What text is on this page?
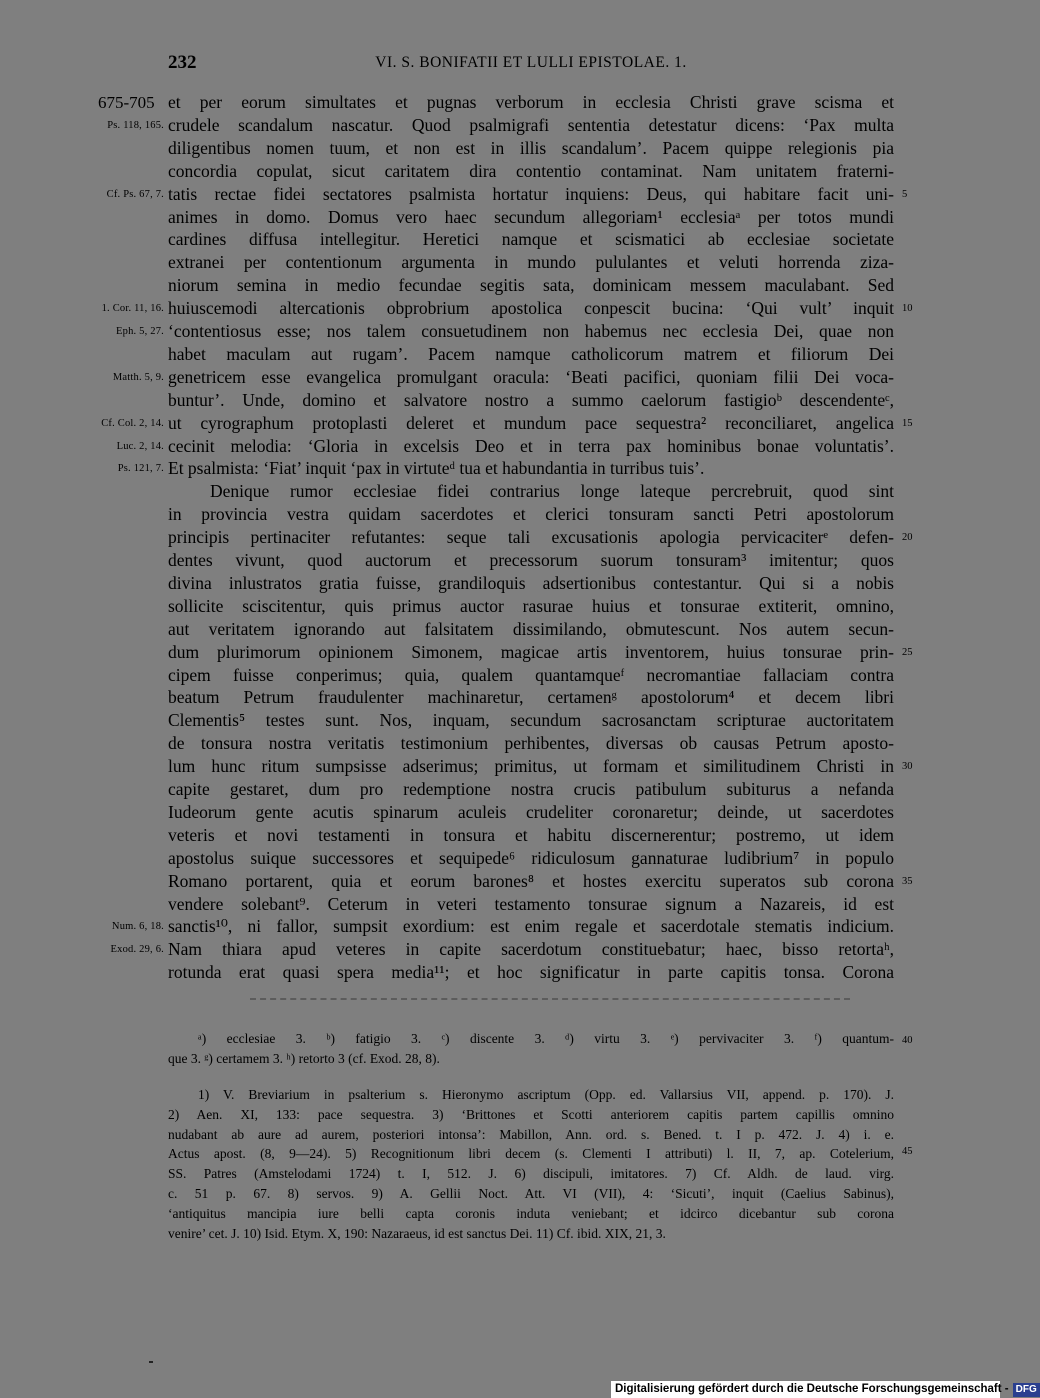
232	VI. S. BONIFATII ET LULLI EPISTOLAE. 1.
675-705 et per eorum simultates et pugnas verborum in ecclesia Christi grave scisma et
crudele scandalum nascatur. Quod psalmigrafi sententia detestatur dicens: ‘Pax multa
diligentibus nomen tuum, et non est in illis scandalum’. Pacem quippe relegionis pia
concordia copulat, sicut caritatem dira contentio contaminat. Nam unitatem fraterni-
tatis rectae fidei sectatores psalmista hortatur inquiens: Deus, qui habitare facit uni-
animes in domo. Domus vero haec secundum allegoriam¹ ecclesiaᵃ per totos mundi
cardines diffusa intellegitur. Heretici namque et scismatici ab ecclesiae societate
extranei per contentionum argumenta in mundo pululantes et veluti horrenda ziza-
niorum semina in medio fecundae segitis sata, dominicam messem maculabant. Sed
huiuscemodi altercationis obprobrium apostolica conpescit bucina: ‘Qui vult’ inquit
‘contentiosus esse; nos talem consuetudinem non habemus nec ecclesia Dei, quae non
habet maculam aut rugam’. Pacem namque catholicorum matrem et filiorum Dei
genetricem esse evangelica promulgant oracula: ‘Beati pacifici, quoniam filii Dei voca-
buntur’. Unde, domino et salvatore nostro a summo caelorum fastigioᵇ descendenteᶜ,
ut cyrographum protoplasti deleret et mundum pace sequestra² reconciliaret, angelica
cecinit melodia: ‘Gloria in excelsis Deo et in terra pax hominibus bonae voluntatis’.
Et psalmista: ‘Fiat’ inquit ‘pax in virtuteᵈ tua et habundantia in turribus tuis’.
Denique rumor ecclesiae fidei contrarius longe lateque percrebruit, quod sint
in provincia vestra quidam sacerdotes et clerici tonsuram sancti Petri apostolorum
principis pertinaciter refutantes: seque tali excusationis apologia pervicaciterᵉ defen-
dentes vivunt, quod auctorum et precessorum suorum tonsuram³ imitentur; quos
divina inlustratos gratia fuisse, grandiloquis adsertionibus contestantur. Qui si a nobis
sollicite sciscitentur, quis primus auctor rasurae huius et tonsurae extiterit, omnino,
aut veritatem ignorando aut falsitatem dissimilando, obmutescunt. Nos autem secun-
dum plurimorum opinionem Simonem, magicae artis inventorem, huius tonsurae prin-
cipem fuisse conperimus; quia, qualem quantamqueᶠ necromantiae fallaciam contra
beatum Petrum fraudulenter machinaretur, certamenᵍ apostolorum⁴ et decem libri
Clementis⁵ testes sunt. Nos, inquam, secundum sacrosanctam scripturae auctoritatem
de tonsura nostra veritatis testimonium perhibentes, diversas ob causas Petrum aposto-
lum hunc ritum sumpsisse adserimus; primitus, ut formam et similitudinem Christi in
capite gestaret, dum pro redemptione nostra crucis patibulum subiturus a nefanda
Iudeorum gente acutis spinarum aculeis crudeliter coronaretur; deinde, ut sacerdotes
veteris et novi testamenti in tonsura et habitu discernerentur; postremo, ut idem
apostolus suique successores et sequipede⁶ ridiculosum gannaturae ludibrium⁷ in populo
Romano portarent, quia et eorum barones⁸ et hostes exercitu superatos sub corona
vendere solebant⁹. Ceterum in veteri testamento tonsurae signum a Nazareis, id est
sanctis¹⁰, ni fallor, sumpsit exordium: est enim regale et sacerdotale stematis indicium.
Nam thiara apud veteres in capite sacerdotum constituebatur; haec, bisso retortaʰ,
rotunda erat quasi spera media¹¹; et hoc significatur in parte capitis tonsa. Corona
Ps. 118, 165.
Cf. Ps. 67, 7.
1. Cor. 11, 16.
Eph. 5, 27.
Matth. 5, 9.
Cf. Col. 2, 14.
Luc. 2, 14.
Ps. 121, 7.
Num. 6, 18.
Exod. 29, 6.
5
10
15
20
25
30
35
ᵃ) ecclesiae 3. ᵇ) fatigio 3. ᶜ) discente 3. ᵈ) virtu 3. ᵉ) pervivaciter 3. ᶠ) quantum-
que 3. ᵍ) certamem 3. ʰ) retorto 3 (cf. Exod. 28, 8).
40
1) V. Breviarium in psalterium s. Hieronymo ascriptum (Opp. ed. Vallarsius VII, append. p. 170). J.
2) Aen. XI, 133: pace sequestra. 3) ‘Brittones et Scotti anteriorem capitis partem capillis omnino
nudabant ab aure ad aurem, posteriori intonsa’: Mabillon, Ann. ord. s. Bened. t. I p. 472. J. 4) i. e.
Actus apost. (8, 9—24). 5) Recognitionum libri decem (s. Clementi I attributi) l. II, 7, ap. Cotelerium,
SS. Patres (Amstelodami 1724) t. I, 512. J. 6) discipuli, imitatores. 7) Cf. Aldh. de laud. virg.
c. 51 p. 67. 8) servos. 9) A. Gellii Noct. Att. VI (VII), 4: ‘Sicuti’, inquit (Caelius Sabinus),
‘antiquitus mancipia iure belli capta coronis induta veniebant; et idcirco dicebantur sub corona
venire’ cet. J. 10) Isid. Etym. X, 190: Nazaraeus, id est sanctus Dei. 11) Cf. ibid. XIX, 21, 3.
45
Digitalisierung gefördert durch die Deutsche Forschungsgemeinschaft - DFG
